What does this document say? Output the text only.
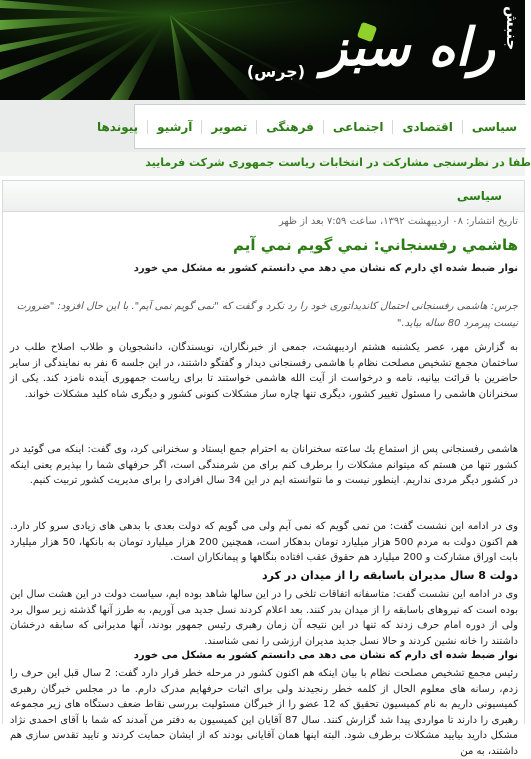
راه سبز جنبش
(جرس)
سیاسی
اقتصادی
اجتماعی
فرهنگی
تصویر
آرشیو
پیوندها
طفا در نظرسنجی مشارکت در انتخابات ریاست جمهوری شرکت فرمایید
سیاسی
تاریخ انتشار: ۰۸ اردیبهشت ۱۳۹۲، ساعت ۷:۵۹ بعد از ظهر
هاشمي رفسنجاني: نمي گويم نمي آيم
نوار ضبط شده اي دارم كه نشان مي دهد مي دانستم كشور به مشكل مي خورد
جرس: هاشمی رفسنجانی احتمال کاندیداتوری خود را رد نکرد و گفت که "نمی گویم نمی آیم". با این حال افزود: "ضرورت نیست پیرمرد 80 ساله بیاید."
به گزارش مهر، عصر یکشنبه هشتم اردیبهشت، جمعی از خبرنگاران، نویسندگان، دانشجویان و طلاب اصلاح طلب در ساختمان مجمع تشخیص مصلحت نظام با هاشمی رفسنجانی دیدار و گفتگو داشتند، در این جلسه 6 نفر به نمایندگی از سایر حاضرین با قرائت بیانیه، نامه و درخواست از آیت الله هاشمی خواستند تا برای ریاست جمهوری آینده نامزد کند. یکی از سخنرانان هاشمی را مسئول تغییر کشور، دیگری تنها چاره ساز مشکلات کنونی کشور و دیگری شاه کلید مشکلات خواند.
هاشمی رفسنجانی پس از استماع یك ساعته سخنرانان به احترام جمع ایستاد و سخنرانی کرد، وی گفت: اینکه می گوئید در کشور تنها من هستم که میتوانم مشکلات را برطرف کنم برای من شرمندگی است، اگر حرفهای شما را بپذیرم یعنی اینکه در کشور دیگر مردی نداریم. اینطور نیست و ما نتوانسته ایم در این 34 سال افرادی را برای مدیریت کشور تربیت کنیم.
وی در ادامه این نشست گفت: من نمی گویم که نمی آیم ولی می گویم که دولت بعدی با بدهی های زیادی سرو کار دارد. هم اکنون دولت به مردم 500 هزار میلیارد تومان بدهکار است، همچنین 200 هزار میلیارد تومان به بانکها، 50 هزار میلیارد بابت اوراق مشارکت و 200 میلیارد هم حقوق عقب افتاده بنگاهها و پیمانکاران است.
دولت 8 سال مدیران باسابقه را از میدان در کرد
وی در ادامه این نشست گفت: متاسفانه اتفاقات تلخی را در این سالها شاهد بوده ایم، سیاست دولت در این هشت سال این بوده است که نیروهای باسابقه را از میدان بدر کنند. بعد اعلام کردند نسل جدید می آوریم، به طرز آنها گذشته زیر سوال برد ولی از دوره امام حرف زدند که تنها در این نتیجه آن زمان رهبری رئیس جمهور بودند، آنها مدیرانی که سابقه درخشان داشتند را خانه نشین کردند و حالا نسل جدید مدیران ارزشی را نمی شناسند.
نوار ضبط شده ای دارم که نشان می دهد می دانستم کشور به مشکل می خورد
رئیس مجمع تشخیص مصلحت نظام با بیان اینکه هم اکنون کشور در مرحله خطر قرار دارد گفت: 2 سال قبل این حرف را زدم، رسانه های معلوم الحال از کلمه خطر رنجیدند ولی برای اثبات حرفهایم مدرک دارم. ما در مجلس خبرگان رهبری کمیسیونی داریم به نام کمیسیون تحقیق که 12 عضو را از خبرگان مسئولیت بررسی نقاط ضعف دستگاه های زیر مجموعه رهبری را دارند تا مواردی پیدا شد گزارش کنند. سال 87 آقایان این کمیسیون به دفتر من آمدند که شما با آقای احمدی نژاد مشکل دارید بیایید مشکلات برطرف شود. البته اینها همان آقایانی بودند که از ایشان حمایت کردند و تایید تقدس سازی هم داشتند، به من
